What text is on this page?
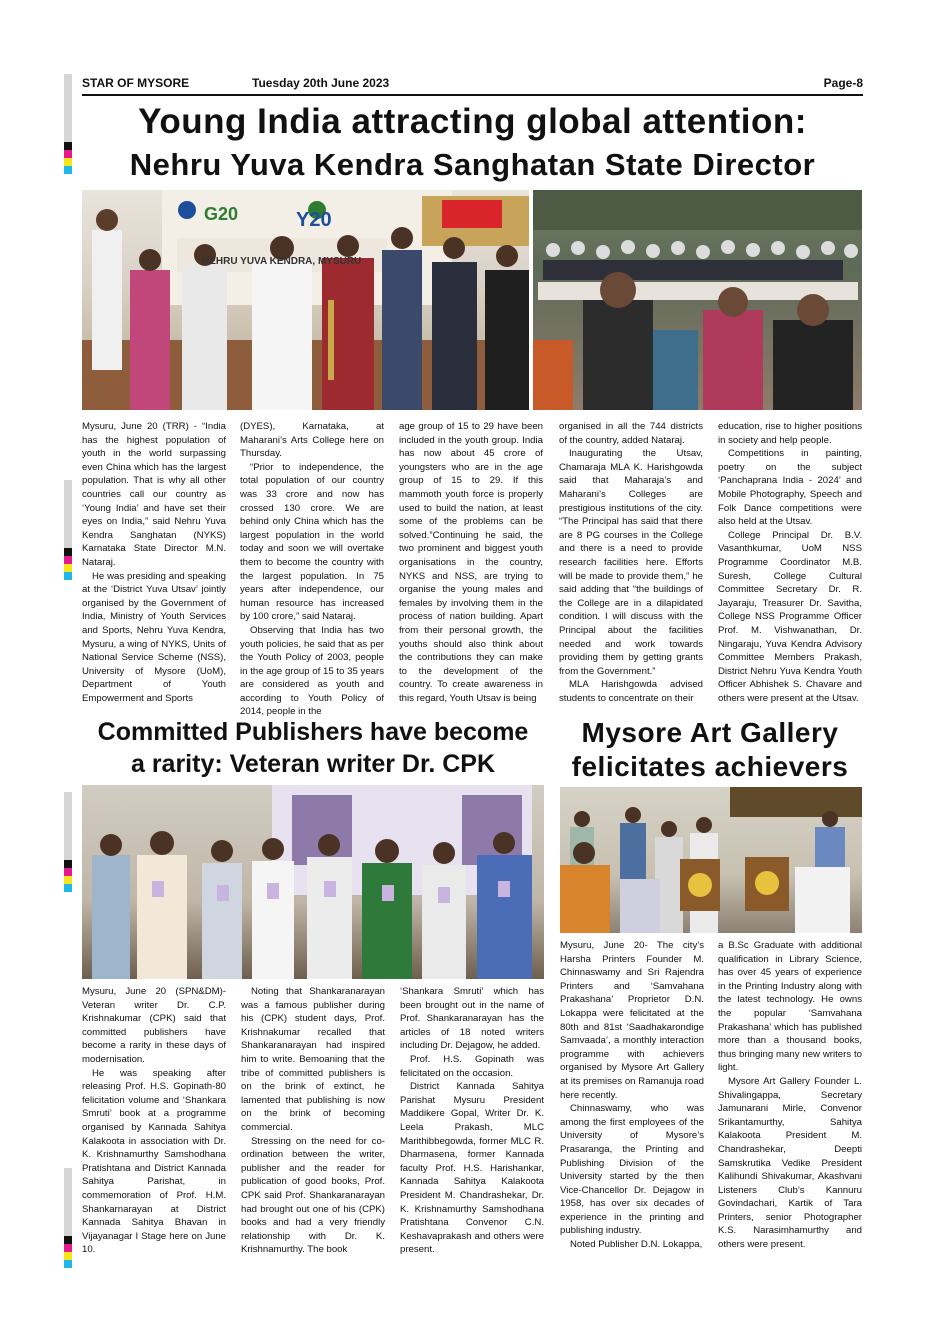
STAR OF MYSORE	Tuesday 20th June 2023	Page-8
Young India attracting global attention:
Nehru Yuva Kendra Sanghatan State Director
Y20
G20
NEHRU YUVA KENDRA, MYSURU

Mysuru, June 20 (TRR) - “India has the highest population of youth in the world surpassing even China which has the largest population. That is why all other countries call our country as ‘Young India’ and have set their eyes on India,” said Nehru Yuva Kendra Sanghatan (NYKS) Karnataka State Director M.N. Nataraj.

He was presiding and speaking at the ‘District Yuva Utsav’ jointly organised by the Government of India, Ministry of Youth Services and Sports, Nehru Yuva Kendra, Mysuru, a wing of NYKS, Units of National Service Scheme (NSS), University of Mysore (UoM), Department of Youth Empowerment and Sports

(DYES), Karnataka, at Maharani’s Arts College here on Thursday.

“Prior to independence, the total population of our country was 33 crore and now has crossed 130 crore. We are behind only China which has the largest population in the world today and soon we will overtake them to become the country with the largest population. In 75 years after independence, our human resource has increased by 100 crore,” said Nataraj.

Observing that India has two youth policies, he said that as per the Youth Policy of 2003, people in the age group of 15 to 35 years are considered as youth and according to Youth Policy of 2014, people in the

age group of 15 to 29 have been included in the youth group. India has now about 45 crore of youngsters who are in the age group of 15 to 29. If this mammoth youth force is properly used to build the nation, at least some of the problems can be solved.”Continuing he said, the two prominent and biggest youth organisations in the country, NYKS and NSS, are trying to organise the young males and females by involving them in the process of nation building. Apart from their personal growth, the youths should also think about the contributions they can make to the development of the country. To create awareness in this regard, Youth Utsav is being

organised in all the 744 districts of the country, added Nataraj.

Inaugurating the Utsav, Chamaraja MLA K. Harishgowda said that Maharaja’s and Maharani’s Colleges are prestigious institutions of the city. “The Principal has said that there are 8 PG courses in the College and there is a need to provide research facilities here. Efforts will be made to provide them,” he said adding that “the buildings of the College are in a dilapidated condition. I will discuss with the Principal about the facilities needed and work towards providing them by getting grants from the Government.”

MLA Harishgowda advised students to concentrate on their

education, rise to higher positions in society and help people.

Competitions in painting, poetry on the subject ‘Panchaprana India - 2024’ and Mobile Photography, Speech and Folk Dance competitions were also held at the Utsav.

College Principal Dr. B.V. Vasanthkumar, UoM NSS Programme Coordinator M.B. Suresh, College Cultural Committee Secretary Dr. R. Jayaraju, Treasurer Dr. Savitha, College NSS Programme Officer Prof. M. Vishwanathan, Dr. Ningaraju, Yuva Kendra Advisory Committee Members Prakash, District Nehru Yuva Kendra Youth Officer Abhishek S. Chavare and others were present at the Utsav.

Committed Publishers have become
a rarity: Veteran writer Dr. CPK

Mysuru, June 20 (SPN&DM)- Veteran writer Dr. C.P. Krishnakumar (CPK) said that committed publishers have become a rarity in these days of modernisation.

He was speaking after releasing Prof. H.S. Gopinath-80 felicitation volume and ‘Shankara Smruti’ book at a programme organised by Kannada Sahitya Kalakoota in association with Dr. K. Krishnamurthy Samshodhana Pratishtana and District Kannada Sahitya Parishat, in commemoration of Prof. H.M. Shankarnarayan at District Kannada Sahitya Bhavan in Vijayanagar I Stage here on June 10.

Noting that Shankaranarayan was a famous publisher during his (CPK) student days, Prof. Krishnakumar recalled that Shankaranarayan had inspired him to write. Bemoaning that the tribe of committed publishers is on the brink of extinct, he lamented that publishing is now on the brink of becoming commercial.

Stressing on the need for co-ordination between the writer, publisher and the reader for publication of good books, Prof. CPK said Prof. Shankaranarayan had brought out one of his (CPK) books and had a very friendly relationship with Dr. K. Krishnamurthy. The book

‘Shankara Smruti’ which has been brought out in the name of Prof. Shankaranarayan has the articles of 18 noted writers including Dr. Dejagow, he added.

Prof. H.S. Gopinath was felicitated on the occasion.

District Kannada Sahitya Parishat Mysuru President Maddikere Gopal, Writer Dr. K. Leela Prakash, MLC Marithibbegowda, former MLC R. Dharmasena, former Kannada faculty Prof. H.S. Harishankar, Kannada Sahitya Kalakoota President M. Chandrashekar, Dr. K. Krishnamurthy Samshodhana Pratishtana Convenor C.N. Keshavaprakash and others were present.

Mysore Art Gallery
felicitates achievers

Mysuru, June 20- The city’s Harsha Printers Founder M. Chinnaswamy and Sri Rajendra Printers and ‘Samvahana Prakashana’ Proprietor D.N. Lokappa were felicitated at the 80th and 81st ‘Saadhakarondige Samvaada’, a monthly interaction programme with achievers organised by Mysore Art Gallery at its premises on Ramanuja road here recently.

Chinnaswamy, who was among the first employees of the University of Mysore’s Prasaranga, the Printing and Publishing Division of the University started by the then Vice-Chancellor Dr. Dejagow in 1958, has over six decades of experience in the printing and publishing industry.

Noted Publisher D.N. Lokappa,

a B.Sc Graduate with additional qualification in Library Science, has over 45 years of experience in the Printing Industry along with the latest technology. He owns the popular ‘Samvahana Prakashana’ which has published more than a thousand books, thus bringing many new writers to light.

Mysore Art Gallery Founder L. Shivalingappa, Secretary Jamunarani Mirle, Convenor Srikantamurthy, Sahitya Kalakoota President M. Chandrashekar, Deepti Samskrutika Vedike President Kalihundi Shivakumar, Akashvani Listeners Club’s Kannuru Govindachari, Kartik of Tara Printers, senior Photographer K.S. Narasimhamurthy and others were present.
